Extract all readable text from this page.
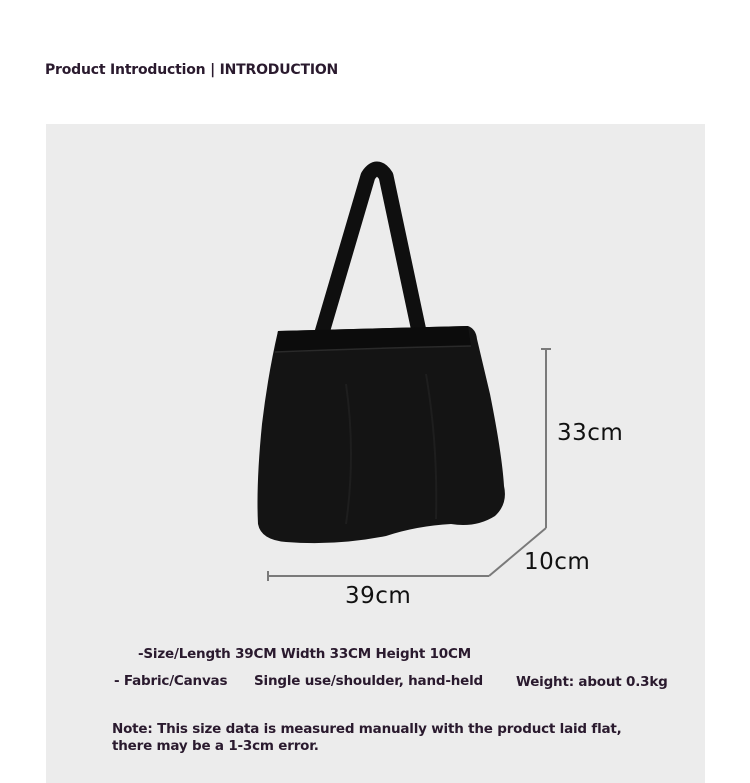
Product Introduction | INTRODUCTION
33cm
10cm
39cm
-Size/Length 39CM Width 33CM Height 10CM
- Fabric/Canvas Single use/shoulder, hand-held Weight: about 0.3kg
Note: This size data is measured manually with the product laid flat,
there may be a 1-3cm error.
